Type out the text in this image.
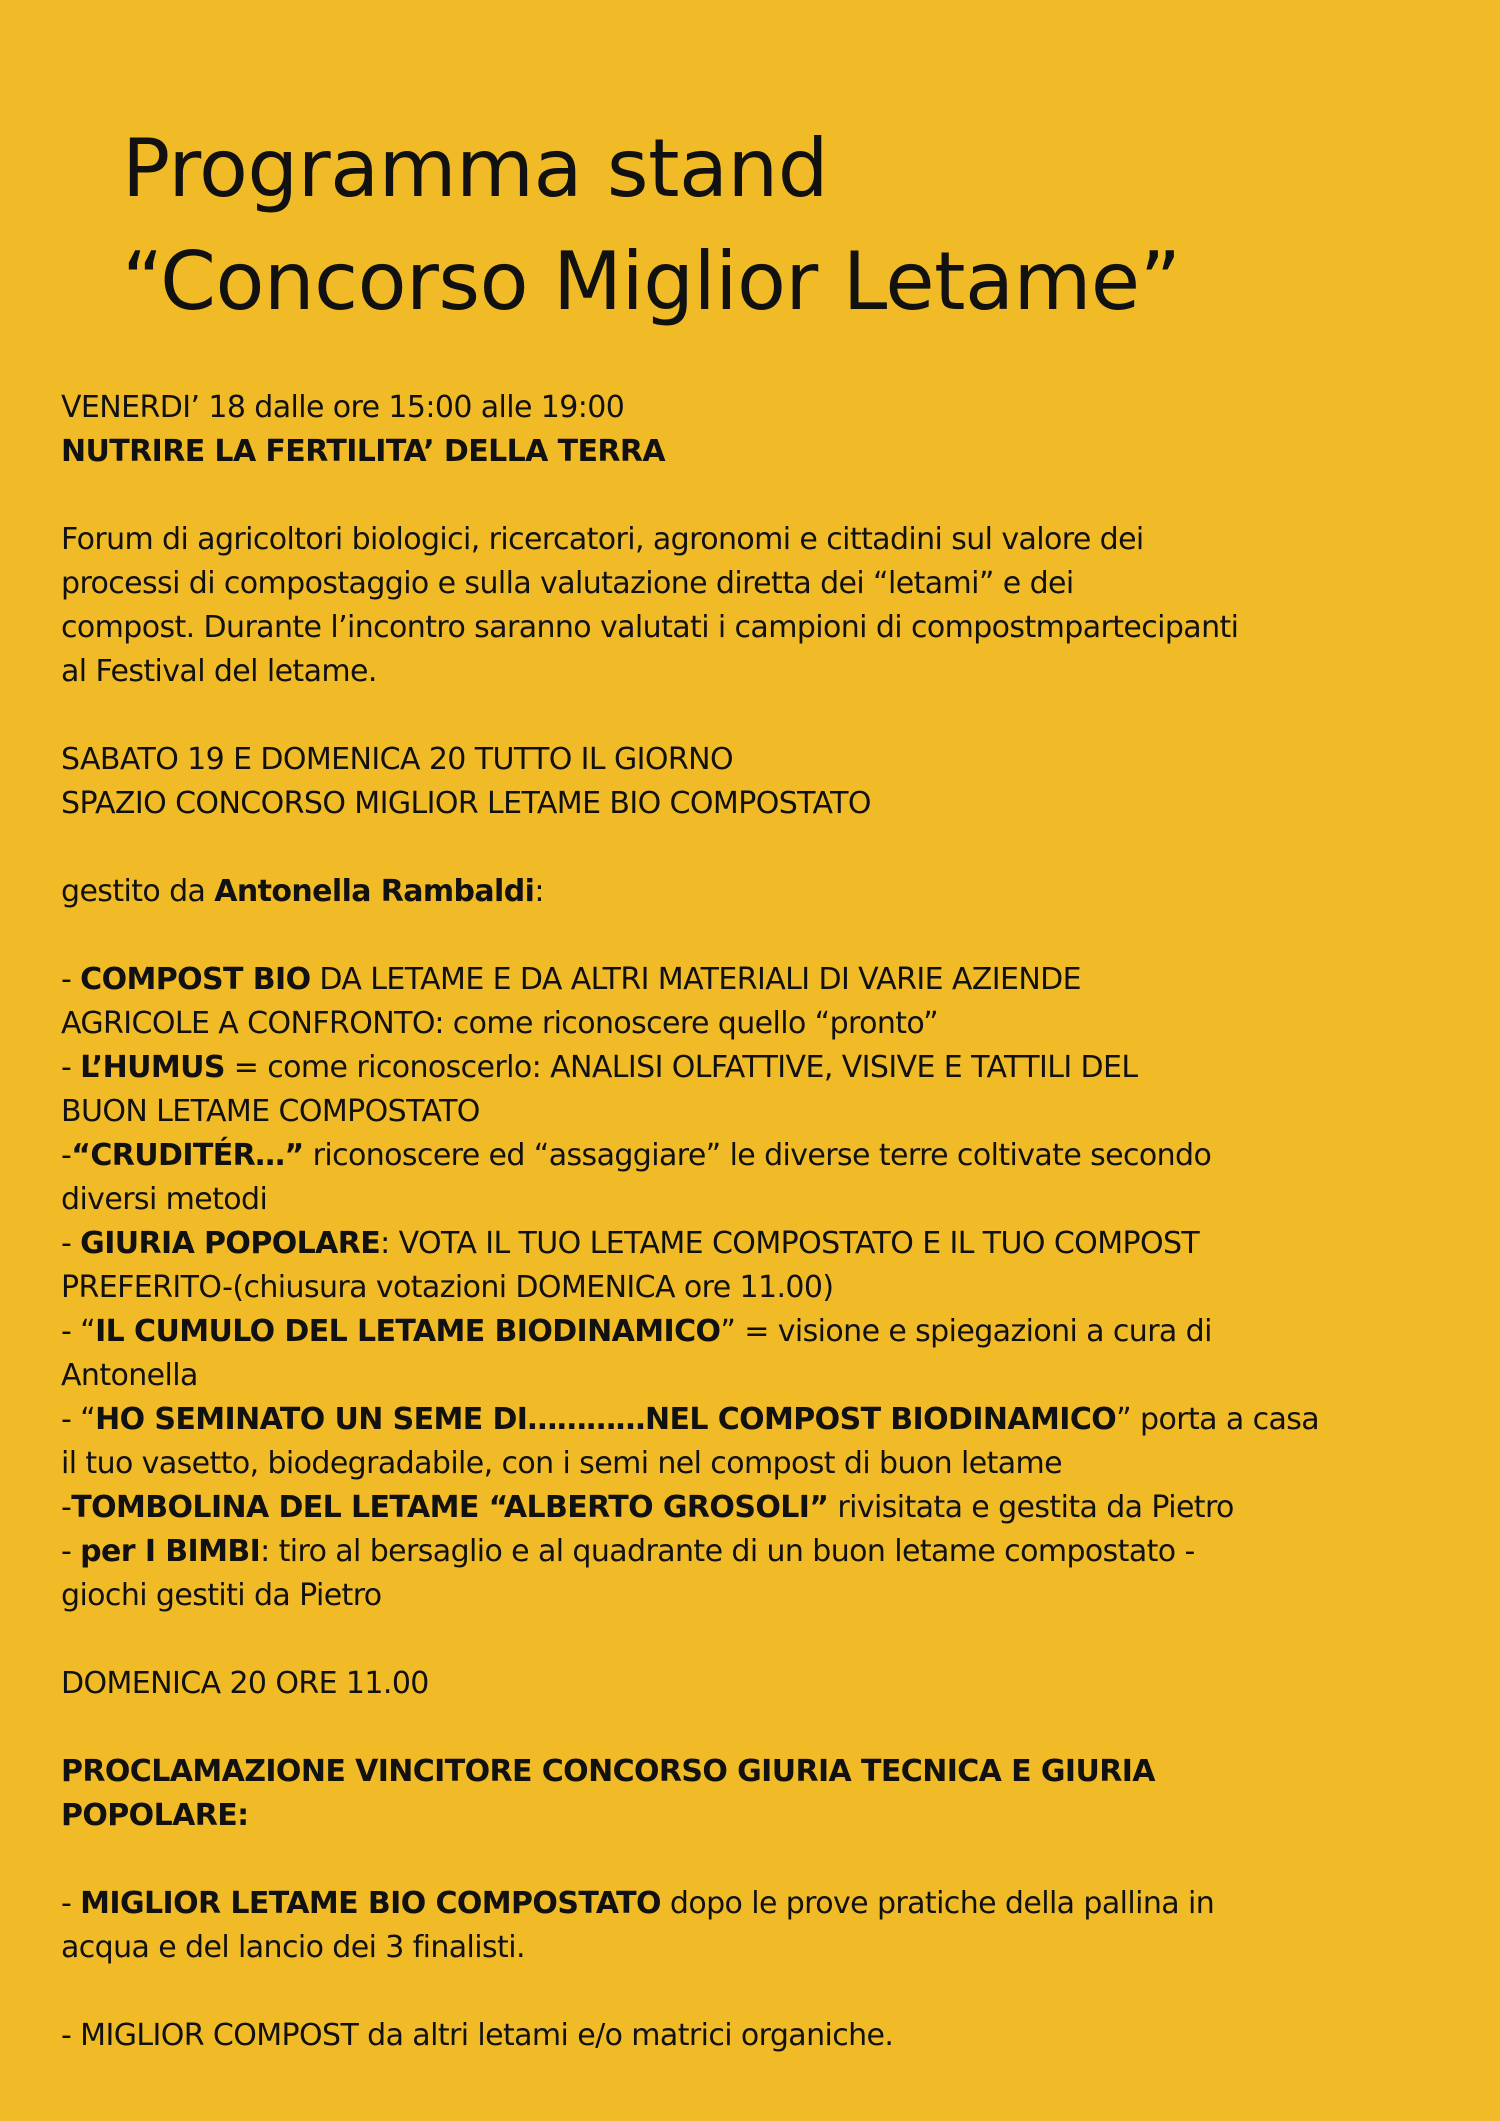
Programma stand
“Concorso Miglior Letame”

VENERDI’ 18 dalle ore 15:00 alle 19:00

NUTRIRE LA FERTILITA’ DELLA TERRA

Forum di agricoltori biologici, ricercatori, agronomi e cittadini sul valore dei

processi di compostaggio e sulla valutazione diretta dei “letami” e dei

compost. Durante l’incontro saranno valutati i campioni di compostmpartecipanti

al Festival del letame.

SABATO 19 E DOMENICA 20 TUTTO IL GIORNO

SPAZIO CONCORSO MIGLIOR LETAME BIO COMPOSTATO

gestito da Antonella Rambaldi:

- COMPOST BIO DA LETAME E DA ALTRI MATERIALI DI VARIE AZIENDE

AGRICOLE A CONFRONTO: come riconoscere quello “pronto”

- L’HUMUS = come riconoscerlo: ANALISI OLFATTIVE, VISIVE E TATTILI DEL

BUON LETAME COMPOSTATO

-“CRUDITÉR…” riconoscere ed “assaggiare” le diverse terre coltivate secondo

diversi metodi

- GIURIA POPOLARE: VOTA IL TUO LETAME COMPOSTATO E IL TUO COMPOST

PREFERITO-(chiusura votazioni DOMENICA ore 11.00)

- “IL CUMULO DEL LETAME BIODINAMICO” = visione e spiegazioni a cura di

Antonella

- “HO SEMINATO UN SEME DI…………NEL COMPOST BIODINAMICO” porta a casa

il tuo vasetto, biodegradabile, con i semi nel compost di buon letame

-TOMBOLINA DEL LETAME “ALBERTO GROSOLI” rivisitata e gestita da Pietro

- per I BIMBI: tiro al bersaglio e al quadrante di un buon letame compostato -

giochi gestiti da Pietro

DOMENICA 20 ORE 11.00

PROCLAMAZIONE VINCITORE CONCORSO GIURIA TECNICA E GIURIA

POPOLARE:

- MIGLIOR LETAME BIO COMPOSTATO dopo le prove pratiche della pallina in

acqua e del lancio dei 3 finalisti.

- MIGLIOR COMPOST da altri letami e/o matrici organiche.
